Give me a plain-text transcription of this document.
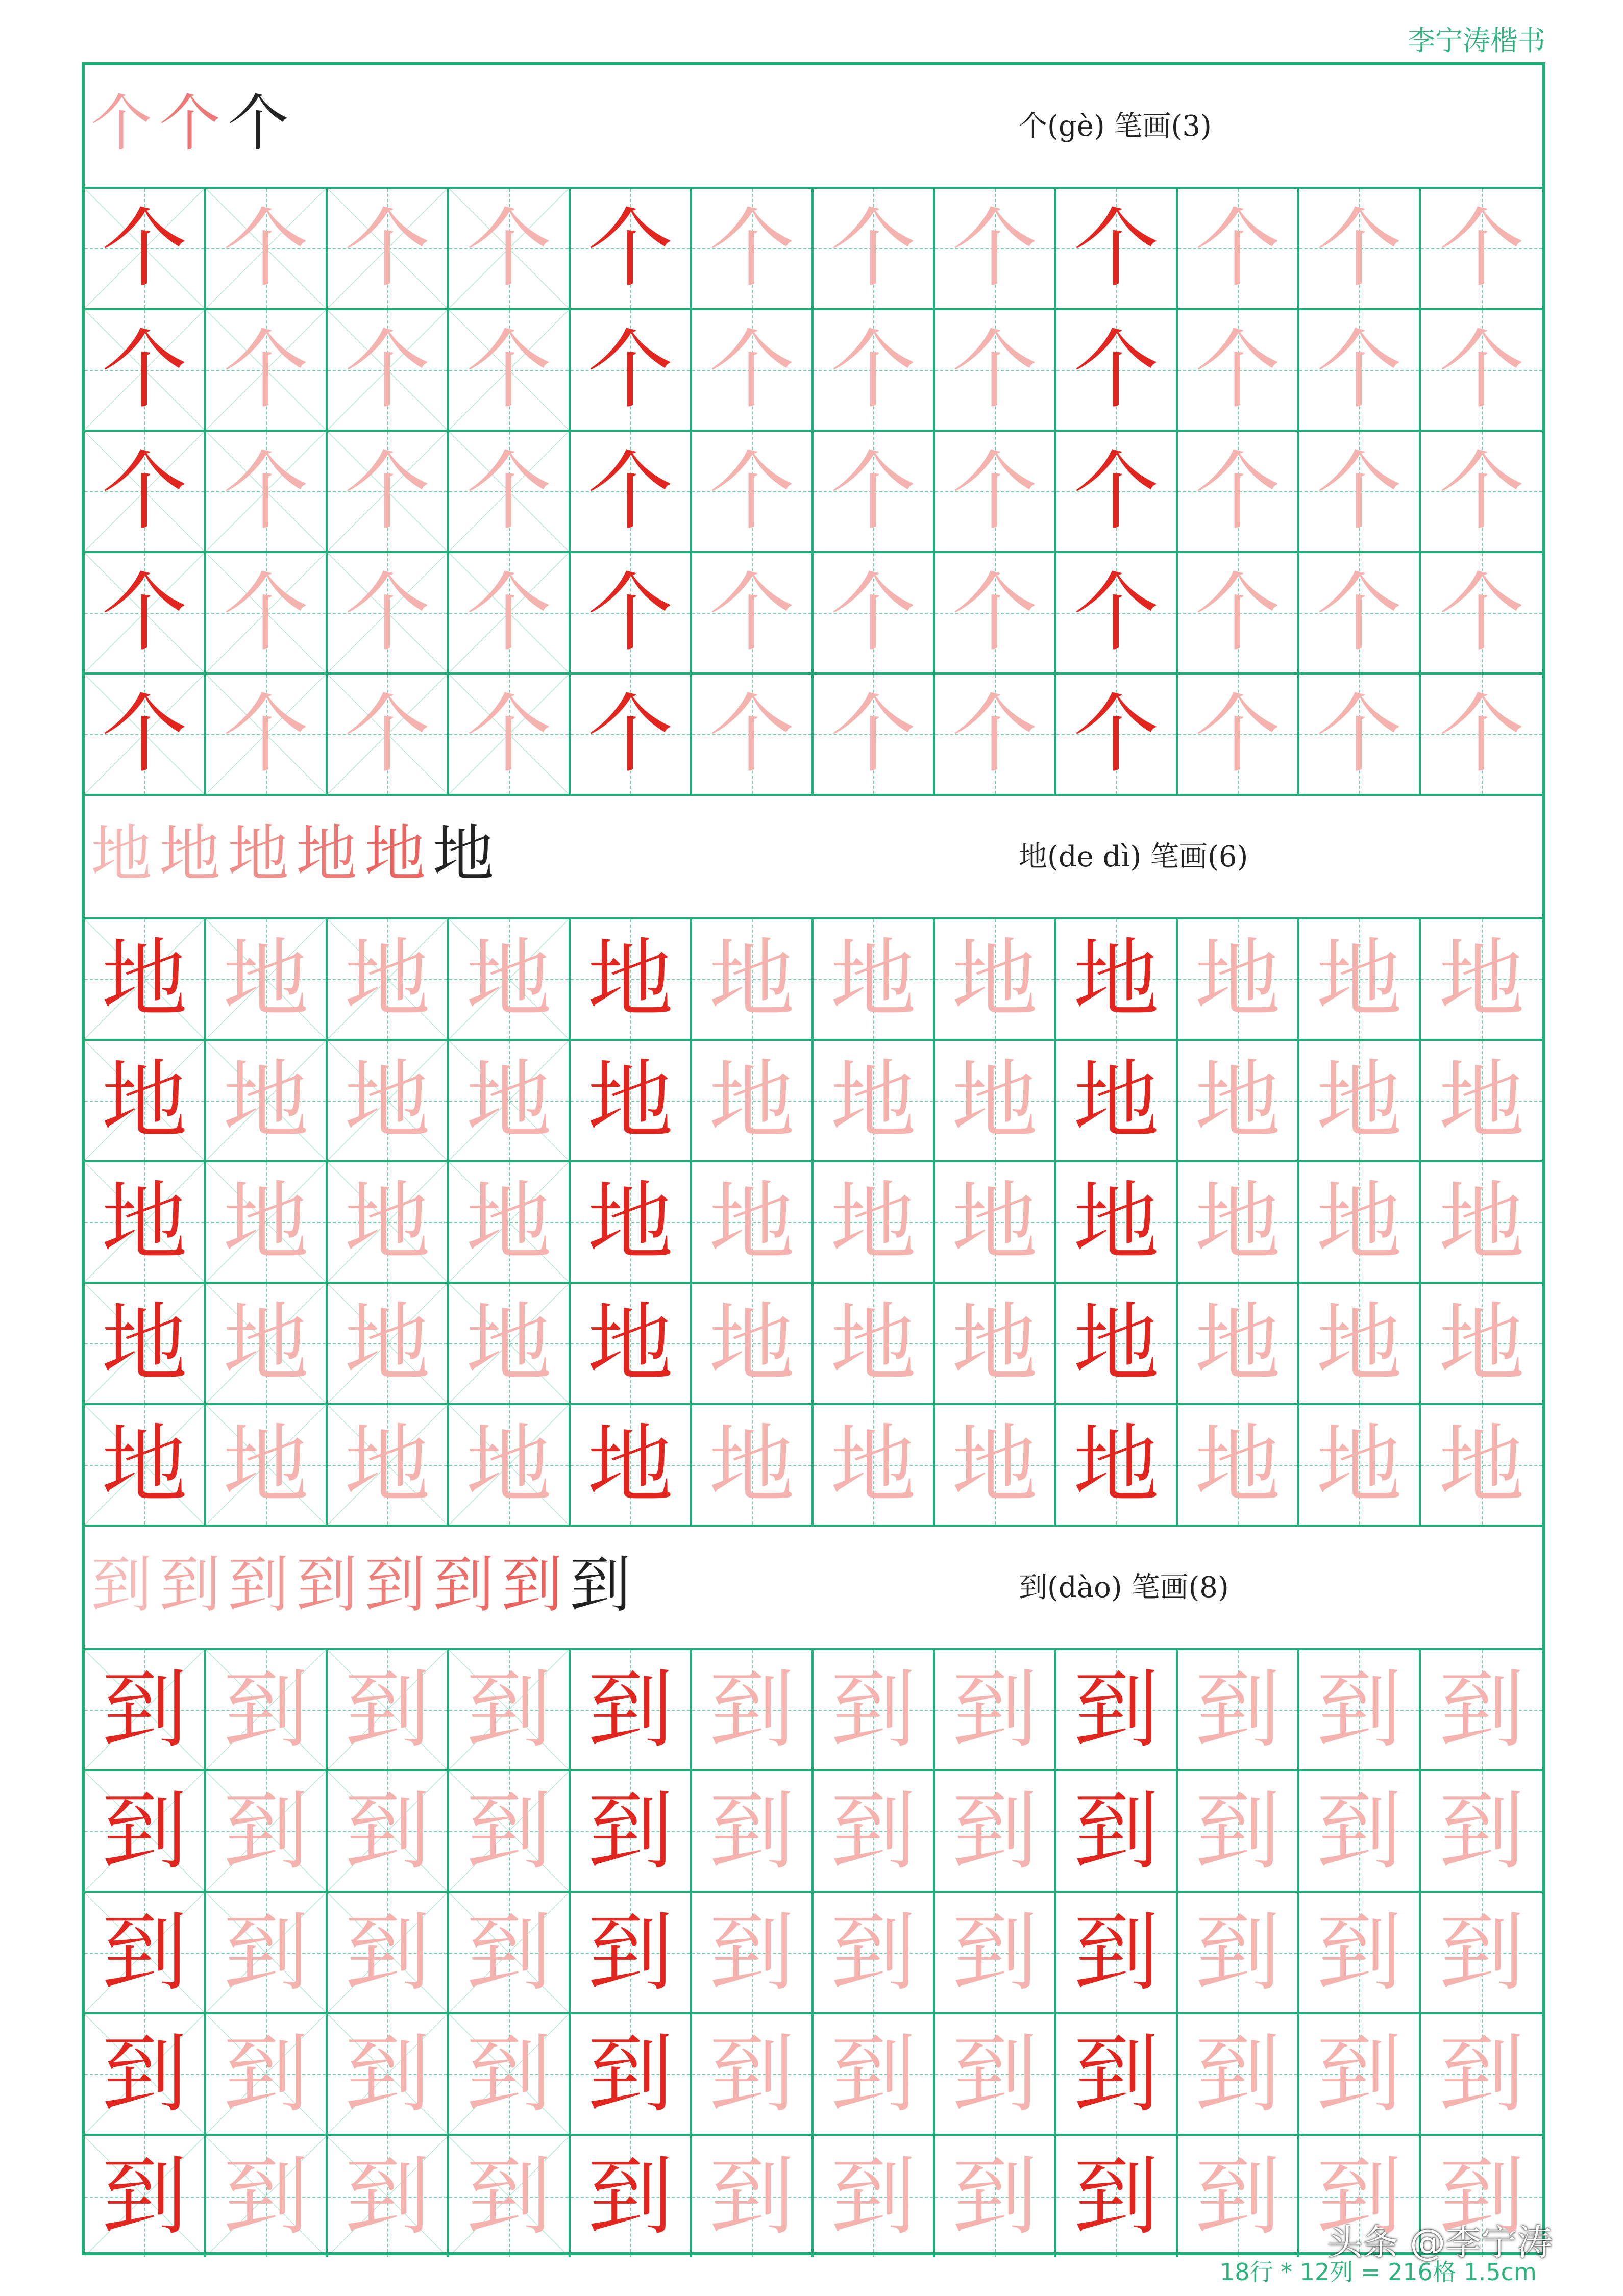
李宁涛楷书
个 个 个	个(gè) 笔画(3)
个 个 个 个 个 个 个 个 个 个 个 个
个 个 个 个 个 个 个 个 个 个 个 个
个 个 个 个 个 个 个 个 个 个 个 个
个 个 个 个 个 个 个 个 个 个 个 个
个 个 个 个 个 个 个 个 个 个 个 个
地 地 地 地 地 地	地(de dì) 笔画(6)
地 地 地 地 地 地 地 地 地 地 地 地
地 地 地 地 地 地 地 地 地 地 地 地
地 地 地 地 地 地 地 地 地 地 地 地
地 地 地 地 地 地 地 地 地 地 地 地
地 地 地 地 地 地 地 地 地 地 地 地
到 到 到 到 到 到 到 到	到(dào) 笔画(8)
到 到 到 到 到 到 到 到 到 到 到 到
到 到 到 到 到 到 到 到 到 到 到 到
到 到 到 到 到 到 到 到 到 到 到 到
到 到 到 到 到 到 到 到 到 到 到 到
到 到 到 到 到 到 到 到 到 到 到 到
头条 @李宁涛
18行 * 12列 = 216格 1.5cm
